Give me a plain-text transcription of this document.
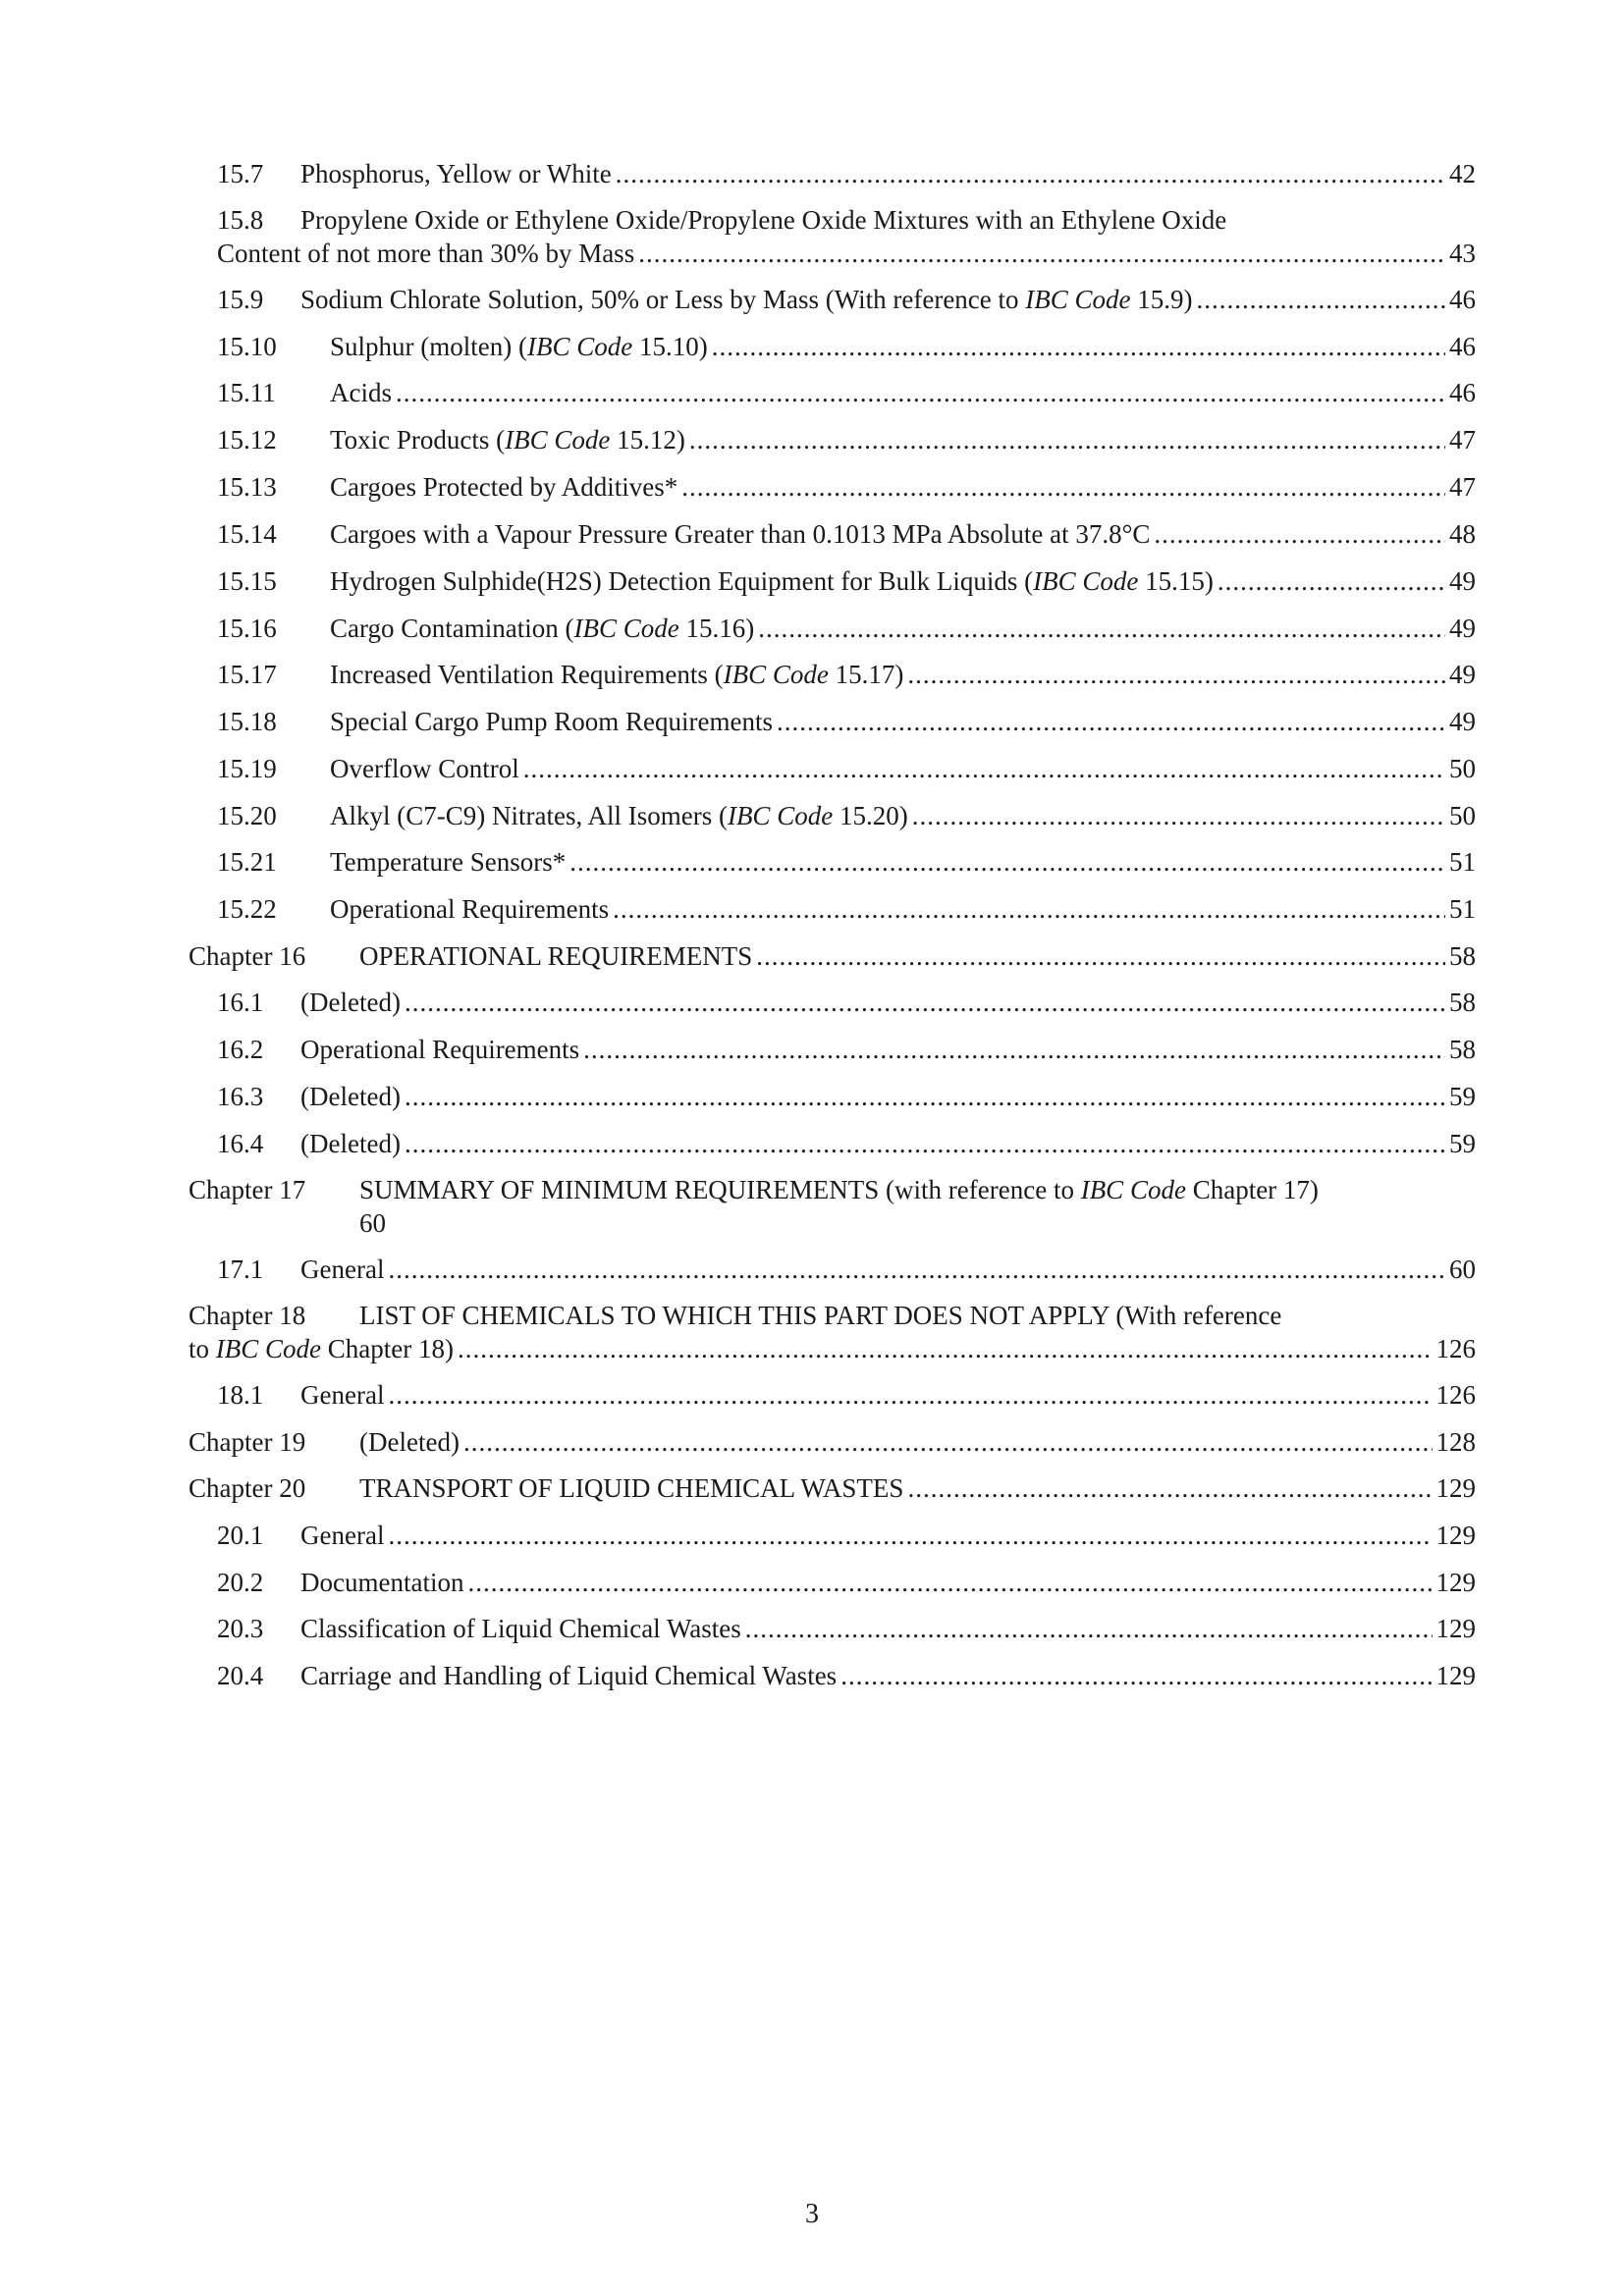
15.7 Phosphorus, Yellow or White .....	42
15.8 Propylene Oxide or Ethylene Oxide/Propylene Oxide Mixtures with an Ethylene Oxide
Content of not more than 30% by Mass .....	43
15.9 Sodium Chlorate Solution, 50% or Less by Mass (With reference to IBC Code 15.9) .....	46
15.10 Sulphur (molten) (IBC Code 15.10) .....	46
15.11 Acids .....	46
15.12 Toxic Products (IBC Code 15.12) .....	47
15.13 Cargoes Protected by Additives* .....	47
15.14 Cargoes with a Vapour Pressure Greater than 0.1013 MPa Absolute at 37.8°C .....	48
15.15 Hydrogen Sulphide(H2S) Detection Equipment for Bulk Liquids (IBC Code 15.15) .....	49
15.16 Cargo Contamination (IBC Code 15.16) .....	49
15.17 Increased Ventilation Requirements (IBC Code 15.17) .....	49
15.18 Special Cargo Pump Room Requirements .....	49
15.19 Overflow Control .....	50
15.20 Alkyl (C7-C9) Nitrates, All Isomers (IBC Code 15.20) .....	50
15.21 Temperature Sensors* .....	51
15.22 Operational Requirements .....	51
Chapter 16 OPERATIONAL REQUIREMENTS .....	58
16.1 (Deleted) .....	58
16.2 Operational Requirements .....	58
16.3 (Deleted) .....	59
16.4 (Deleted) .....	59
Chapter 17 SUMMARY OF MINIMUM REQUIREMENTS (with reference to IBC Code Chapter 17)
60
17.1 General .....	60
Chapter 18 LIST OF CHEMICALS TO WHICH THIS PART DOES NOT APPLY (With reference
to IBC Code Chapter 18) .....	126
18.1 General .....	126
Chapter 19 (Deleted) .....	128
Chapter 20 TRANSPORT OF LIQUID CHEMICAL WASTES .....	129
20.1 General .....	129
20.2 Documentation .....	129
20.3 Classification of Liquid Chemical Wastes .....	129
20.4 Carriage and Handling of Liquid Chemical Wastes .....	129
3
